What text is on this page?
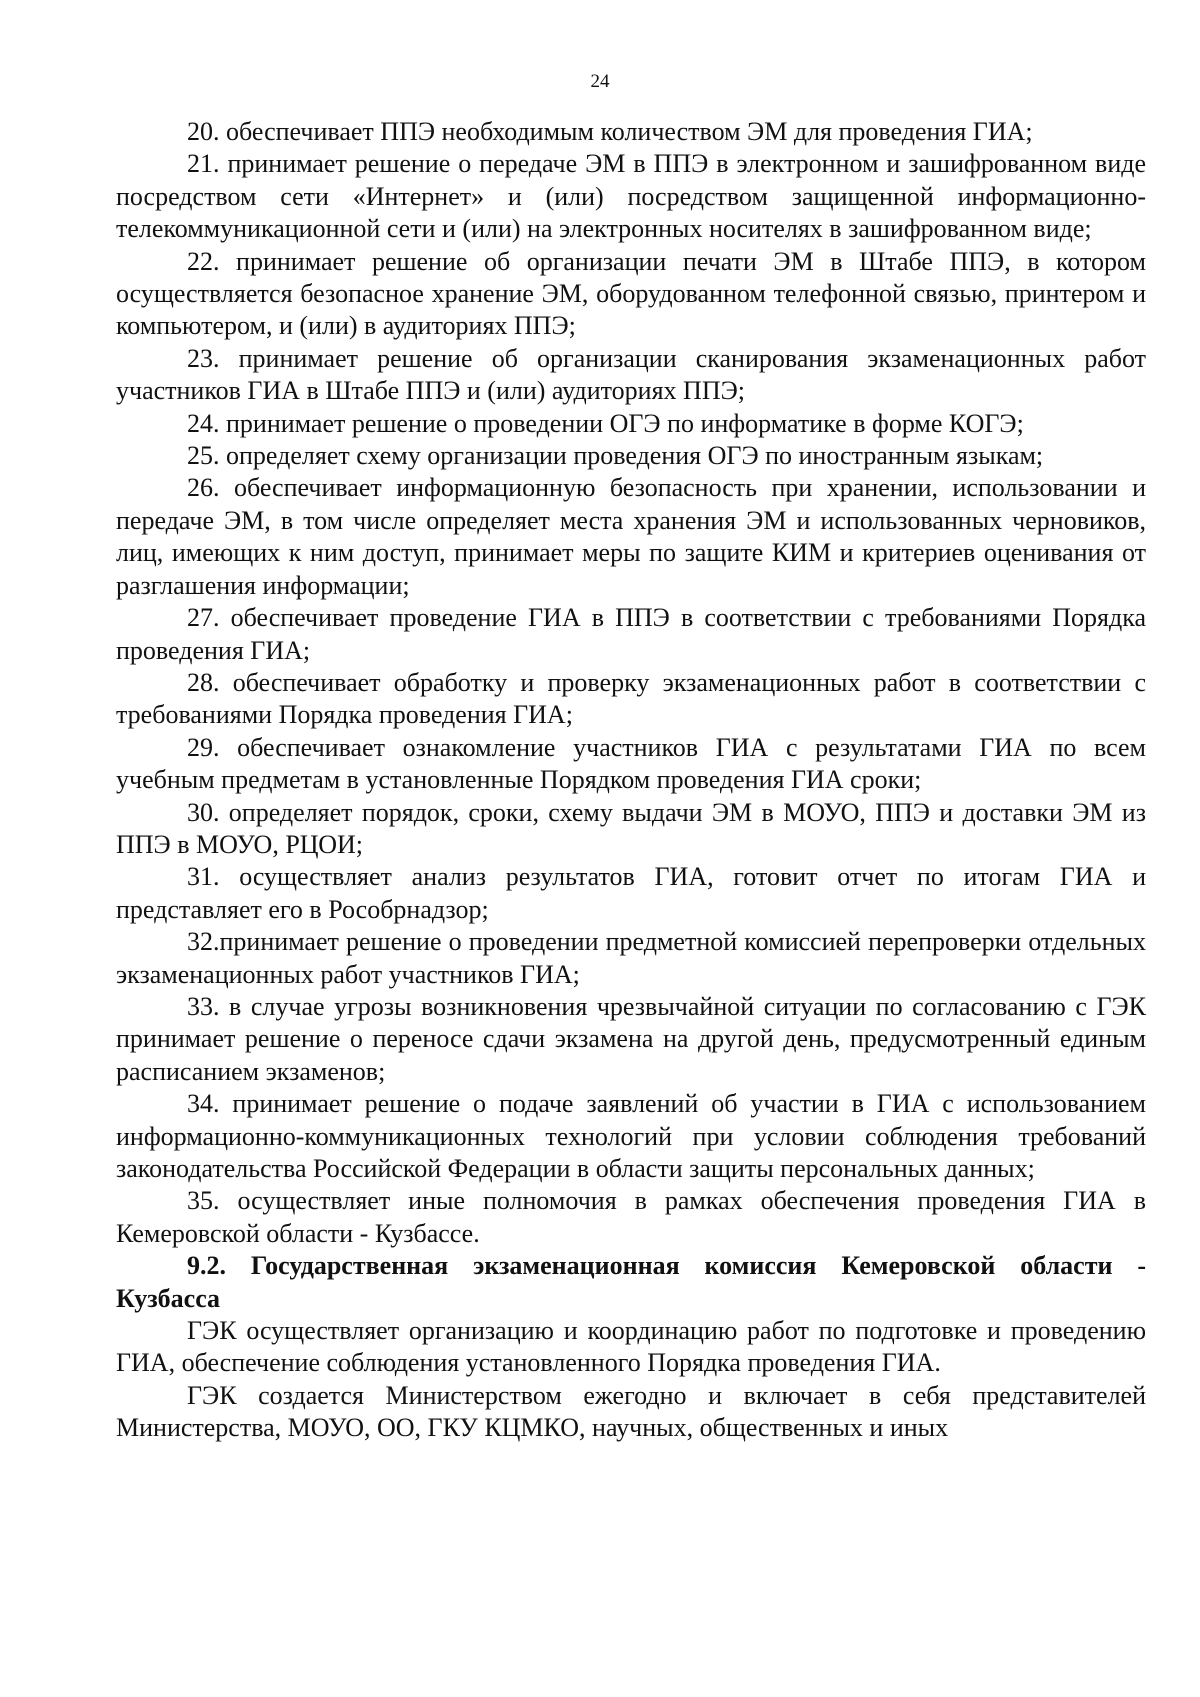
24

20. обеспечивает ППЭ необходимым количеством ЭМ для проведения ГИА;

21. принимает решение о передаче ЭМ в ППЭ в электронном и зашифрованном виде посредством сети «Интернет» и (или) посредством защищенной информационно-телекоммуникационной сети и (или) на электронных носителях в зашифрованном виде;

22. принимает решение об организации печати ЭМ в Штабе ППЭ, в котором осуществляется безопасное хранение ЭМ, оборудованном телефонной связью, принтером и компьютером, и (или) в аудиториях ППЭ;

23. принимает решение об организации сканирования экзаменационных работ участников ГИА в Штабе ППЭ и (или) аудиториях ППЭ;

24. принимает решение о проведении ОГЭ по информатике в форме КОГЭ;

25. определяет схему организации проведения ОГЭ по иностранным языкам;

26. обеспечивает информационную безопасность при хранении, использовании и передаче ЭМ, в том числе определяет места хранения ЭМ и использованных черновиков, лиц, имеющих к ним доступ, принимает меры по защите КИМ и критериев оценивания от разглашения информации;

27. обеспечивает проведение ГИА в ППЭ в соответствии с требованиями Порядка проведения ГИА;

28. обеспечивает обработку и проверку экзаменационных работ в соответствии с требованиями Порядка проведения ГИА;

29. обеспечивает ознакомление участников ГИА с результатами ГИА по всем учебным предметам в установленные Порядком проведения ГИА сроки;

30. определяет порядок, сроки, схему выдачи ЭМ в МОУО, ППЭ и доставки ЭМ из ППЭ в МОУО, РЦОИ;

31. осуществляет анализ результатов ГИА, готовит отчет по итогам ГИА и представляет его в Рособрнадзор;

32.принимает решение о проведении предметной комиссией перепроверки отдельных экзаменационных работ участников ГИА;

33. в случае угрозы возникновения чрезвычайной ситуации по согласованию с ГЭК принимает решение о переносе сдачи экзамена на другой день, предусмотренный единым расписанием экзаменов;

34. принимает решение о подаче заявлений об участии в ГИА с использованием информационно-коммуникационных технологий при условии соблюдения требований законодательства Российской Федерации в области защиты персональных данных;

35. осуществляет иные полномочия в рамках обеспечения проведения ГИА в Кемеровской области - Кузбассе.

9.2. Государственная экзаменационная комиссия Кемеровской области - Кузбасса

ГЭК осуществляет организацию и координацию работ по подготовке и проведению ГИА, обеспечение соблюдения установленного Порядка проведения ГИА.

ГЭК создается Министерством ежегодно и включает в себя представителей Министерства, МОУО, ОО, ГКУ КЦМКО, научных, общественных и иных
